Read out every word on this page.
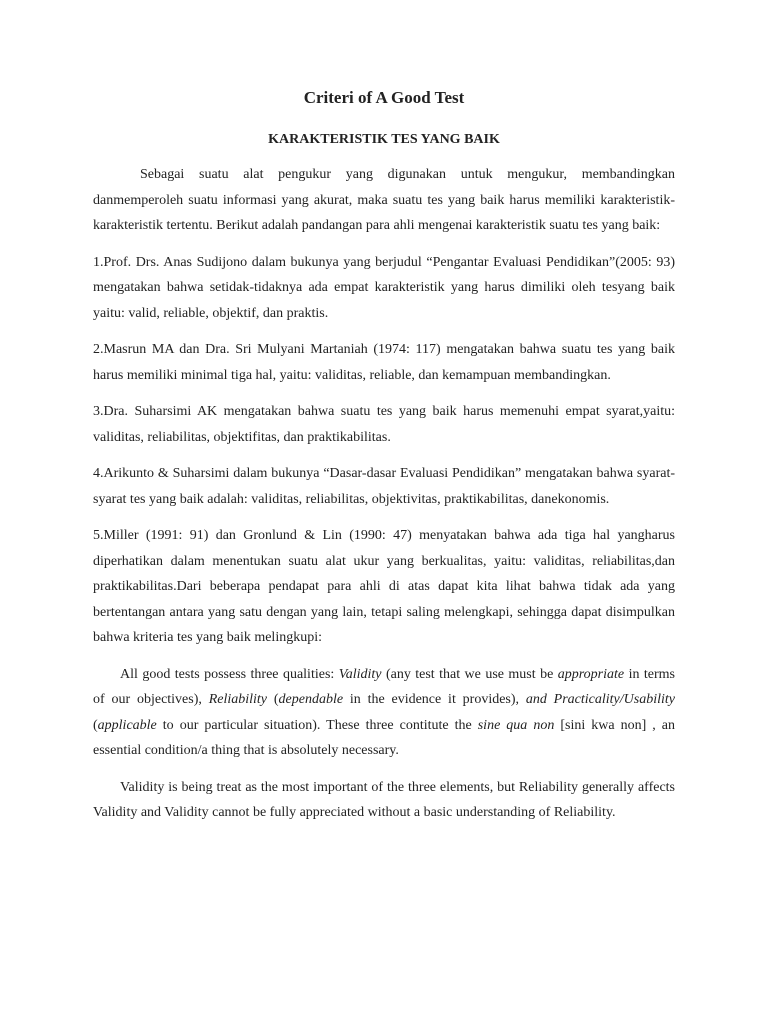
Criteri of A Good Test
KARAKTERISTIK TES YANG BAIK

Sebagai suatu alat pengukur yang digunakan untuk mengukur, membandingkan danmemperoleh suatu informasi yang akurat, maka suatu tes yang baik harus memiliki karakteristik-karakteristik tertentu. Berikut adalah pandangan para ahli mengenai karakteristik suatu tes yang baik:

1.Prof. Drs. Anas Sudijono dalam bukunya yang berjudul “Pengantar Evaluasi Pendidikan”(2005: 93) mengatakan bahwa setidak-tidaknya ada empat karakteristik yang harus dimiliki oleh tesyang baik yaitu: valid, reliable, objektif, dan praktis.

2.Masrun MA dan Dra. Sri Mulyani Martaniah (1974: 117) mengatakan bahwa suatu tes yang baik harus memiliki minimal tiga hal, yaitu: validitas, reliable, dan kemampuan membandingkan.

3.Dra. Suharsimi AK mengatakan bahwa suatu tes yang baik harus memenuhi empat syarat,yaitu: validitas, reliabilitas, objektifitas, dan praktikabilitas.

4.Arikunto & Suharsimi dalam bukunya “Dasar-dasar Evaluasi Pendidikan” mengatakan bahwa syarat-syarat tes yang baik adalah: validitas, reliabilitas, objektivitas, praktikabilitas, danekonomis.

5.Miller (1991: 91) dan Gronlund & Lin (1990: 47) menyatakan bahwa ada tiga hal yangharus diperhatikan dalam menentukan suatu alat ukur yang berkualitas, yaitu: validitas, reliabilitas,dan praktikabilitas.Dari beberapa pendapat para ahli di atas dapat kita lihat bahwa tidak ada yang bertentangan antara yang satu dengan yang lain, tetapi saling melengkapi, sehingga dapat disimpulkan bahwa kriteria tes yang baik melingkupi:

All good tests possess three qualities: Validity (any test that we use must be appropriate in terms of our objectives), Reliability (dependable in the evidence it provides), and Practicality/Usability (applicable to our particular situation). These three contitute the sine qua non [sini kwa non] , an essential condition/a thing that is absolutely necessary.

Validity is being treat as the most important of the three elements, but Reliability generally affects Validity and Validity cannot be fully appreciated without a basic understanding of Reliability.
